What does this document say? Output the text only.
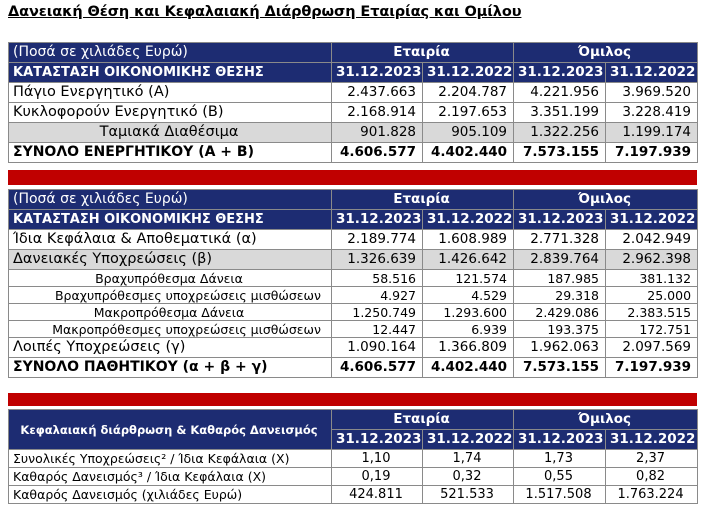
Δανειακή Θέση και Κεφαλαιακή Διάρθρωση Εταιρίας και Ομίλου
(Ποσά σε χιλιάδες Ευρώ)	Εταιρία		Όμιλος	
ΚΑΤΑΣΤΑΣΗ ΟΙΚΟΝΟΜΙΚΗΣ ΘΕΣΗΣ	31.12.2023	31.12.2022	31.12.2023	31.12.2022
Πάγιο Ενεργητικό (Α)	2.437.663	2.204.787	4.221.956	3.969.520
Κυκλοφορούν Ενεργητικό (Β)	2.168.914	2.197.653	3.351.199	3.228.419
Ταμιακά Διαθέσιμα	901.828	905.109	1.322.256	1.199.174
ΣΥΝΟΛΟ ΕΝΕΡΓΗΤΙΚΟΥ (Α + Β)	4.606.577	4.402.440	7.573.155	7.197.939
(Ποσά σε χιλιάδες Ευρώ)	Εταιρία		Όμιλος	
ΚΑΤΑΣΤΑΣΗ ΟΙΚΟΝΟΜΙΚΗΣ ΘΕΣΗΣ	31.12.2023	31.12.2022	31.12.2023	31.12.2022
Ίδια Κεφάλαια & Αποθεματικά (α)	2.189.774	1.608.989	2.771.328	2.042.949
Δανειακές Υποχρεώσεις (β)	1.326.639	1.426.642	2.839.764	2.962.398
Βραχυπρόθεσμα Δάνεια	58.516	121.574	187.985	381.132
Βραχυπρόθεσμες υποχρεώσεις μισθώσεων	4.927	4.529	29.318	25.000
Μακροπρόθεσμα Δάνεια	1.250.749	1.293.600	2.429.086	2.383.515
Μακροπρόθεσμες υποχρεώσεις μισθώσεων	12.447	6.939	193.375	172.751
Λοιπές Υποχρεώσεις (γ)	1.090.164	1.366.809	1.962.063	2.097.569
ΣΥΝΟΛΟ ΠΑΘΗΤΙΚΟΥ (α + β + γ)	4.606.577	4.402.440	7.573.155	7.197.939
Κεφαλαιακή διάρθρωση & Καθαρός Δανεισμός	Εταιρία		Όμιλος	
	31.12.2023	31.12.2022	31.12.2023	31.12.2022
Συνολικές Υποχρεώσεις² / Ίδια Κεφάλαια (Χ)	1,10	1,74	1,73	2,37
Καθαρός Δανεισμός³ / Ίδια Κεφάλαια (Χ)	0,19	0,32	0,55	0,82
Καθαρός Δανεισμός (χιλιάδες Ευρώ)	424.811	521.533	1.517.508	1.763.224
